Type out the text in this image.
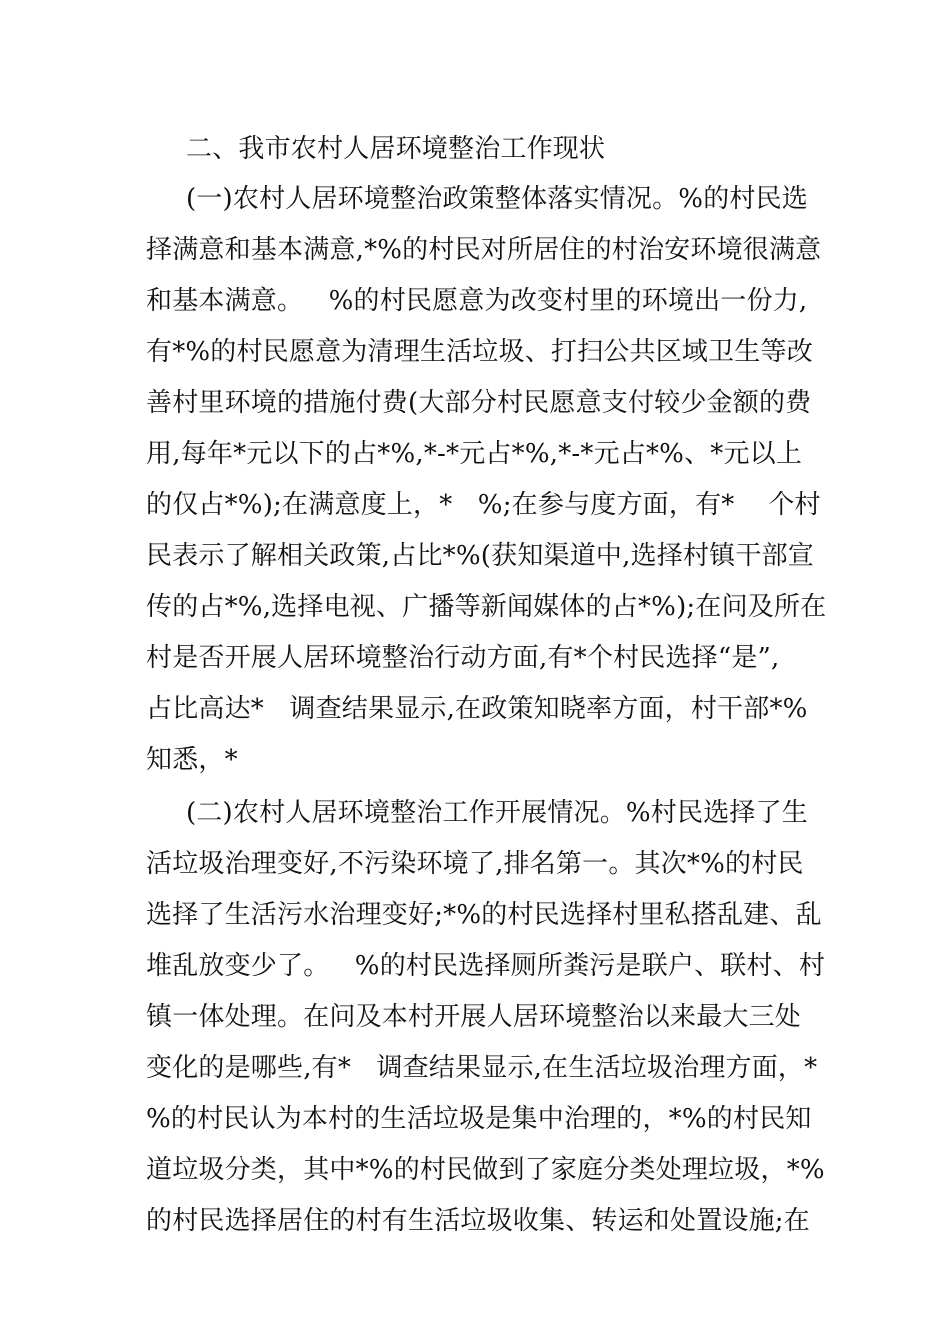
二、我市农村人居环境整治工作现状
(一)农村人居环境整治政策整体落实情况。%的村民选
择满意和基本满意,*%的村民对所居住的村治安环境很满意
和基本满意。   %的村民愿意为改变村里的环境出一份力,
有*%的村民愿意为清理生活垃圾、打扫公共区域卫生等改
善村里环境的措施付费(大部分村民愿意支付较少金额的费
用,每年*元以下的占*%,*-*元占*%,*-*元占*%、*元以上
的仅占*%);在满意度上，*   %;在参与度方面，有*    个村
民表示了解相关政策,占比*%(获知渠道中,选择村镇干部宣
传的占*%,选择电视、广播等新闻媒体的占*%);在问及所在
村是否开展人居环境整治行动方面,有*个村民选择“是”,
占比高达*   调查结果显示,在政策知晓率方面，村干部*%
知悉，*
(二)农村人居环境整治工作开展情况。%村民选择了生
活垃圾治理变好,不污染环境了,排名第一。其次*%的村民
选择了生活污水治理变好;*%的村民选择村里私搭乱建、乱
堆乱放变少了。   %的村民选择厕所粪污是联户、联村、村
镇一体处理。在问及本村开展人居环境整治以来最大三处
变化的是哪些,有*   调查结果显示,在生活垃圾治理方面，*
%的村民认为本村的生活垃圾是集中治理的，*%的村民知
道垃圾分类，其中*%的村民做到了家庭分类处理垃圾，*%
的村民选择居住的村有生活垃圾收集、转运和处置设施;在
